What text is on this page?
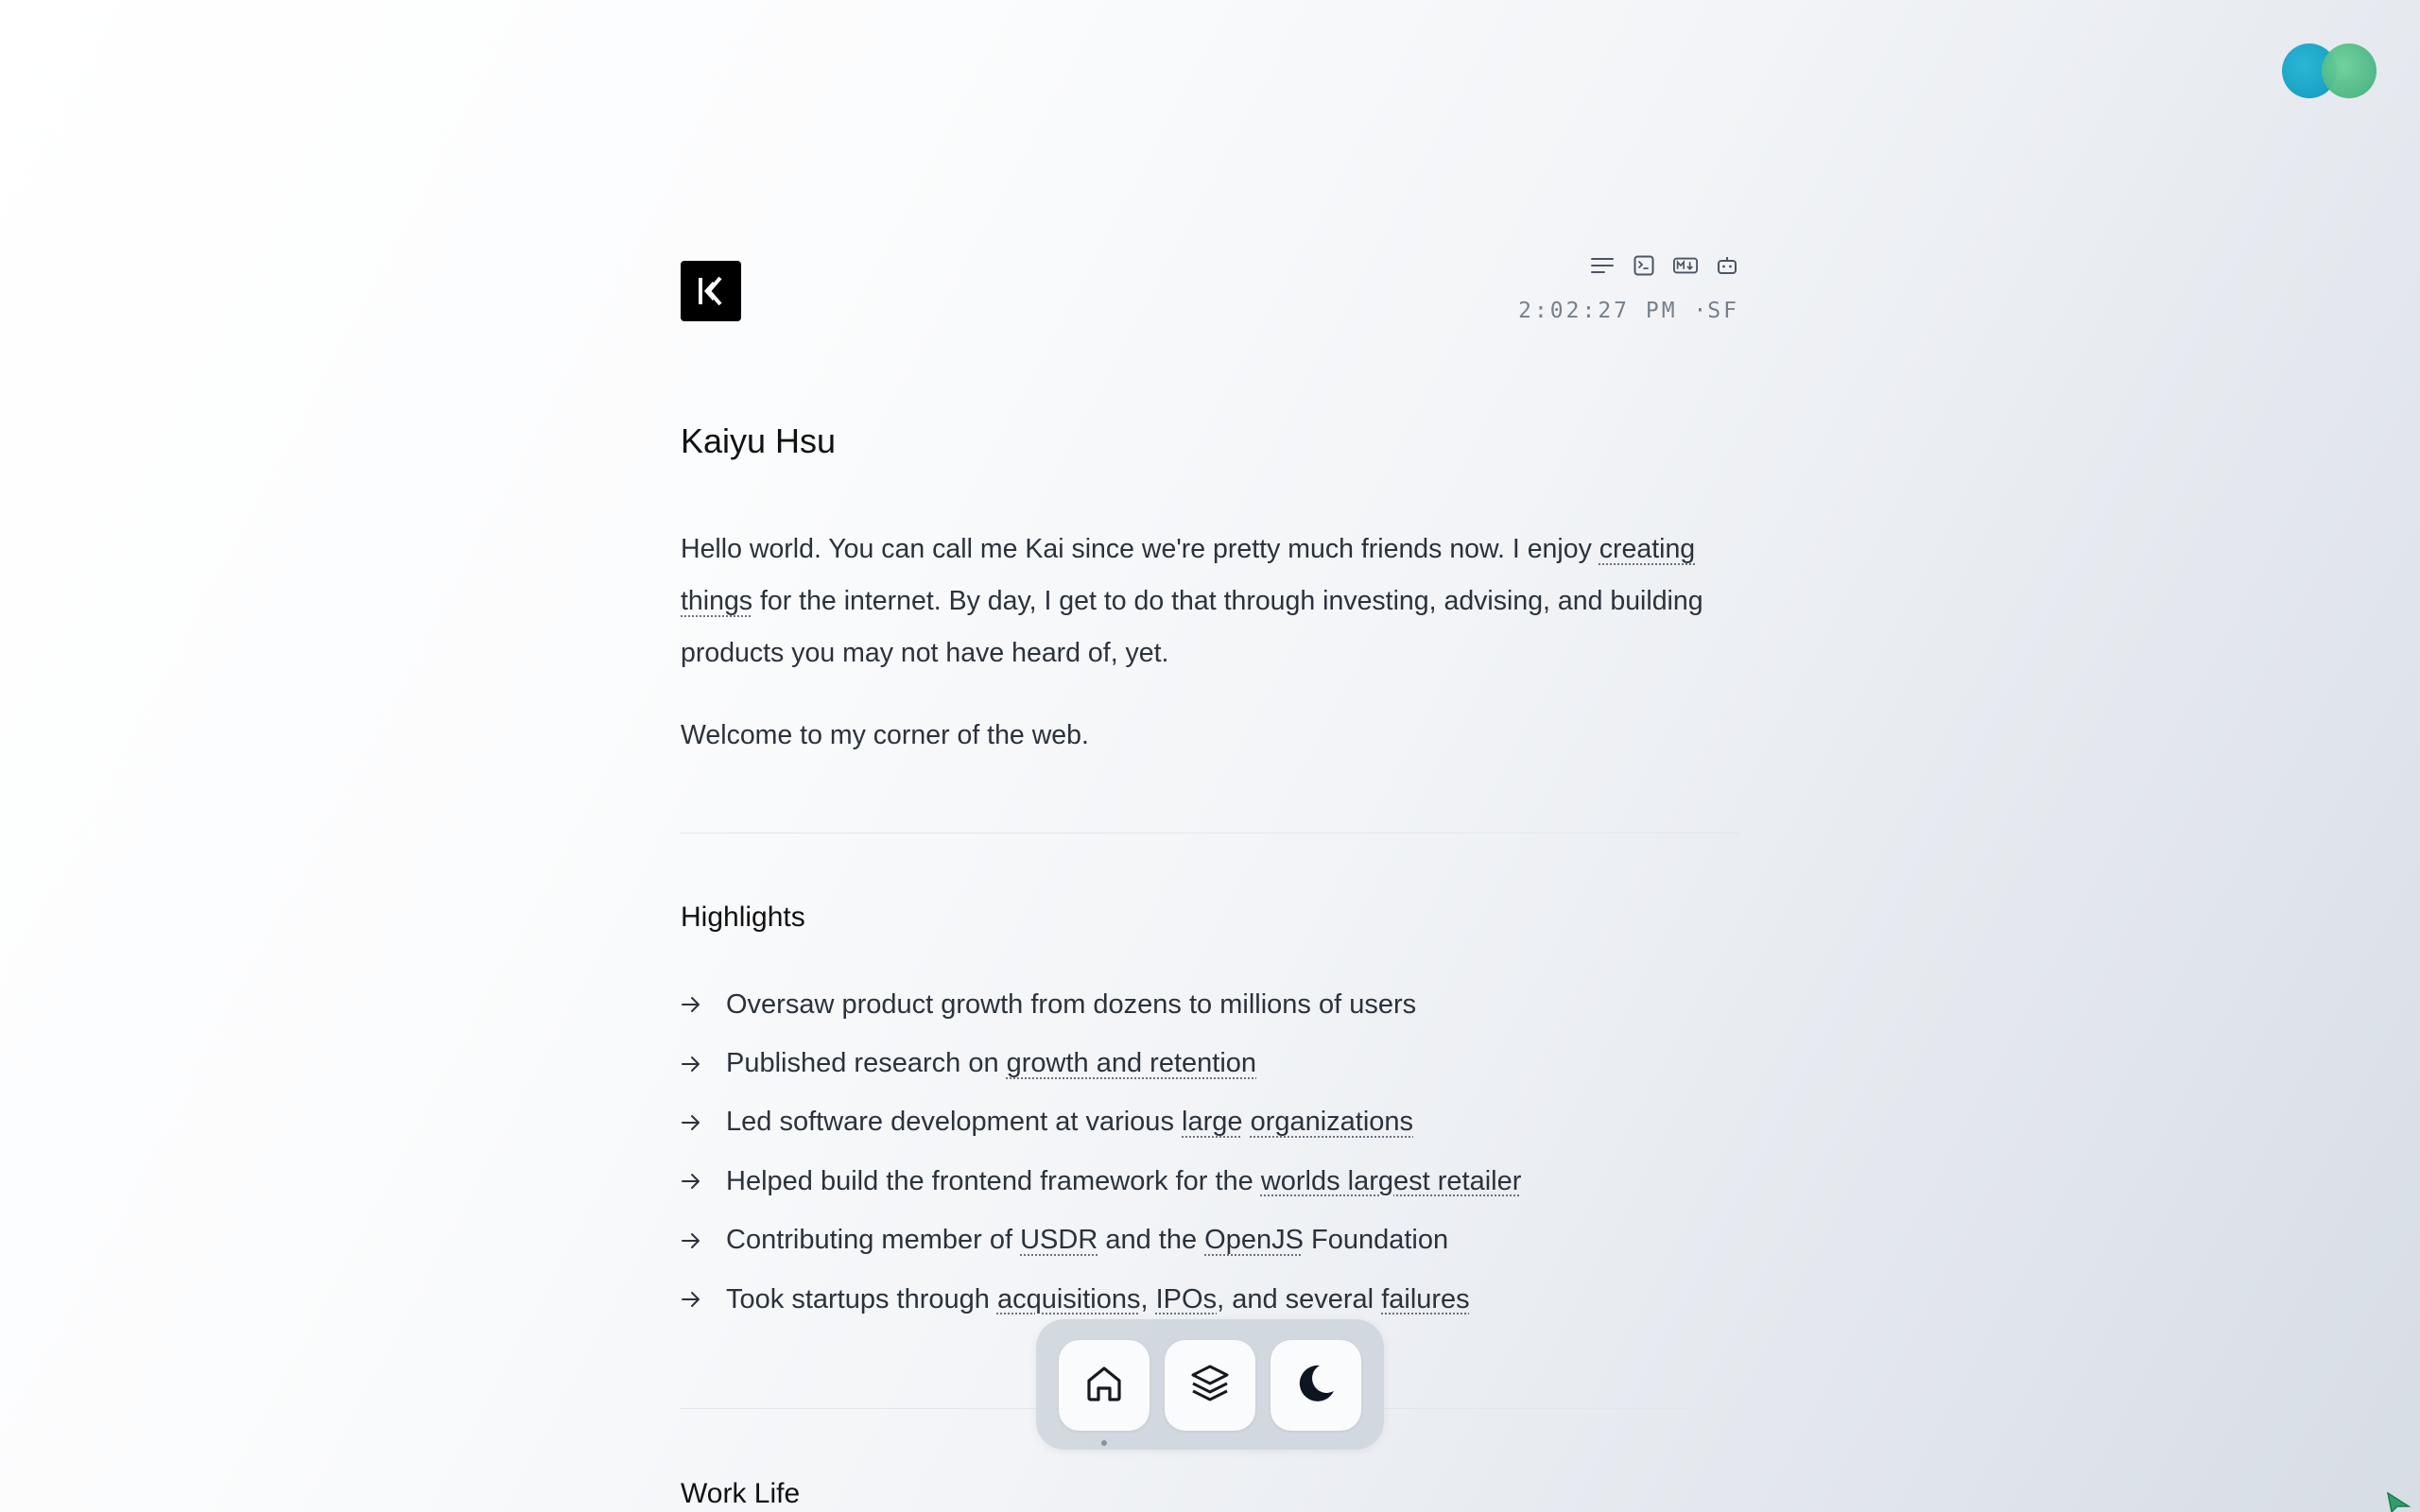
2:02:27 PM ·SF
Kaiyu Hsu

Hello world. You can call me Kai since we're pretty much friends now. I enjoy creating things for the internet. By day, I get to do that through investing, advising, and building products you may not have heard of, yet.

Welcome to my corner of the web.

Highlights
Oversaw product growth from dozens to millions of users
Published research on growth and retention
Led software development at various large organizations
Helped build the frontend framework for the worlds largest retailer
Contributing member of USDR and the OpenJS Foundation
Took startups through acquisitions, IPOs, and several failures
Work Life
